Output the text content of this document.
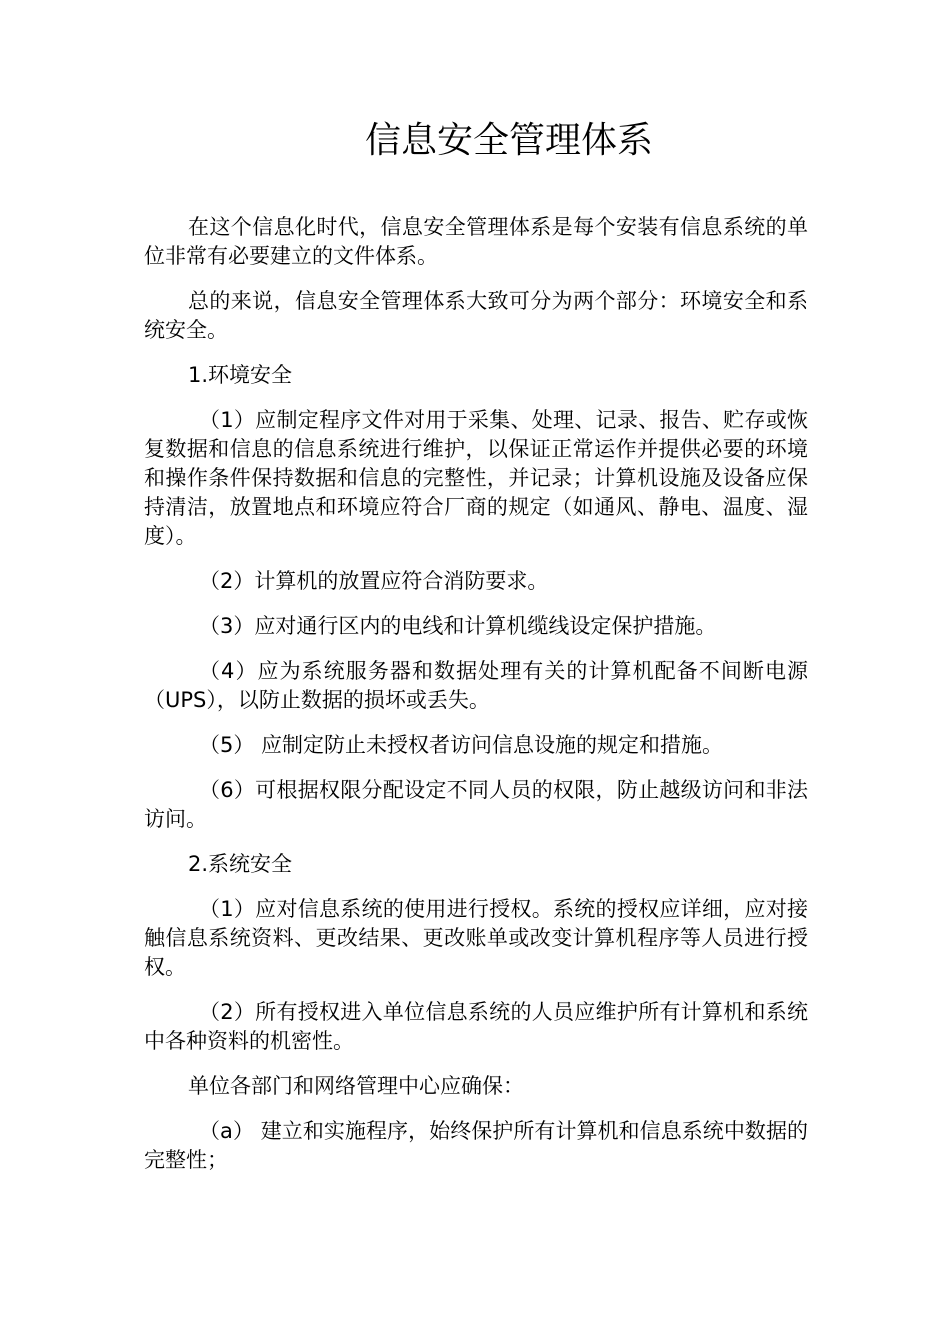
信息安全管理体系

在这个信息化时代，信息安全管理体系是每个安装有信息系统的单位非常有必要建立的文件体系。

总的来说，信息安全管理体系大致可分为两个部分：环境安全和系统安全。

1.环境安全

（1）应制定程序文件对用于采集、处理、记录、报告、贮存或恢复数据和信息的信息系统进行维护，以保证正常运作并提供必要的环境和操作条件保持数据和信息的完整性，并记录；计算机设施及设备应保持清洁，放置地点和环境应符合厂商的规定（如通风、静电、温度、湿度）。

（2）计算机的放置应符合消防要求。

（3）应对通行区内的电线和计算机缆线设定保护措施。

（4）应为系统服务器和数据处理有关的计算机配备不间断电源（UPS），以防止数据的损坏或丢失。

（5） 应制定防止未授权者访问信息设施的规定和措施。

（6）可根据权限分配设定不同人员的权限，防止越级访问和非法访问。

2.系统安全

（1）应对信息系统的使用进行授权。系统的授权应详细，应对接触信息系统资料、更改结果、更改账单或改变计算机程序等人员进行授权。

（2）所有授权进入单位信息系统的人员应维护所有计算机和系统中各种资料的机密性。

单位各部门和网络管理中心应确保：

（a） 建立和实施程序，始终保护所有计算机和信息系统中数据的完整性；
